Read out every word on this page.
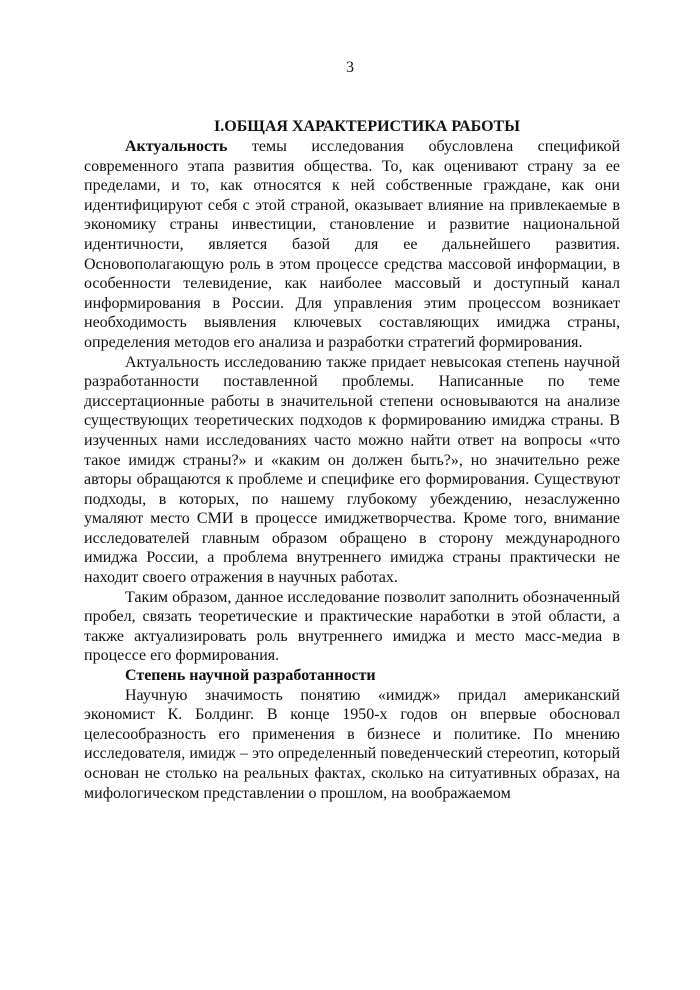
3
I.ОБЩАЯ ХАРАКТЕРИСТИКА РАБОТЫ

Актуальность темы исследования обусловлена спецификой современного этапа развития общества. То, как оценивают страну за ее пределами, и то, как относятся к ней собственные граждане, как они идентифицируют себя с этой страной, оказывает влияние на привлекаемые в экономику страны инвестиции, становление и развитие национальной идентичности, является базой для ее дальнейшего развития. Основополагающую роль в этом процессе средства массовой информации, в особенности телевидение, как наиболее массовый и доступный канал информирования в России. Для управления этим процессом возникает необходимость выявления ключевых составляющих имиджа страны, определения методов его анализа и разработки стратегий формирования.

Актуальность исследованию также придает невысокая степень научной разработанности поставленной проблемы. Написанные по теме диссертационные работы в значительной степени основываются на анализе существующих теоретических подходов к формированию имиджа страны. В изученных нами исследованиях часто можно найти ответ на вопросы «что такое имидж страны?» и «каким он должен быть?», но значительно реже авторы обращаются к проблеме и специфике его формирования. Существуют подходы, в которых, по нашему глубокому убеждению, незаслуженно умаляют место СМИ в процессе имиджетворчества. Кроме того, внимание исследователей главным образом обращено в сторону международного имиджа России, а проблема внутреннего имиджа страны практически не находит своего отражения в научных работах.

Таким образом, данное исследование позволит заполнить обозначенный пробел, связать теоретические и практические наработки в этой области, а также актуализировать роль внутреннего имиджа и место масс-медиа в процессе его формирования.

Степень научной разработанности

Научную значимость понятию «имидж» придал американский экономист К. Болдинг. В конце 1950-х годов он впервые обосновал целесообразность его применения в бизнесе и политике. По мнению исследователя, имидж – это определенный поведенческий стереотип, который основан не столько на реальных фактах, сколько на ситуативных образах, на мифологическом представлении о прошлом, на воображаемом
